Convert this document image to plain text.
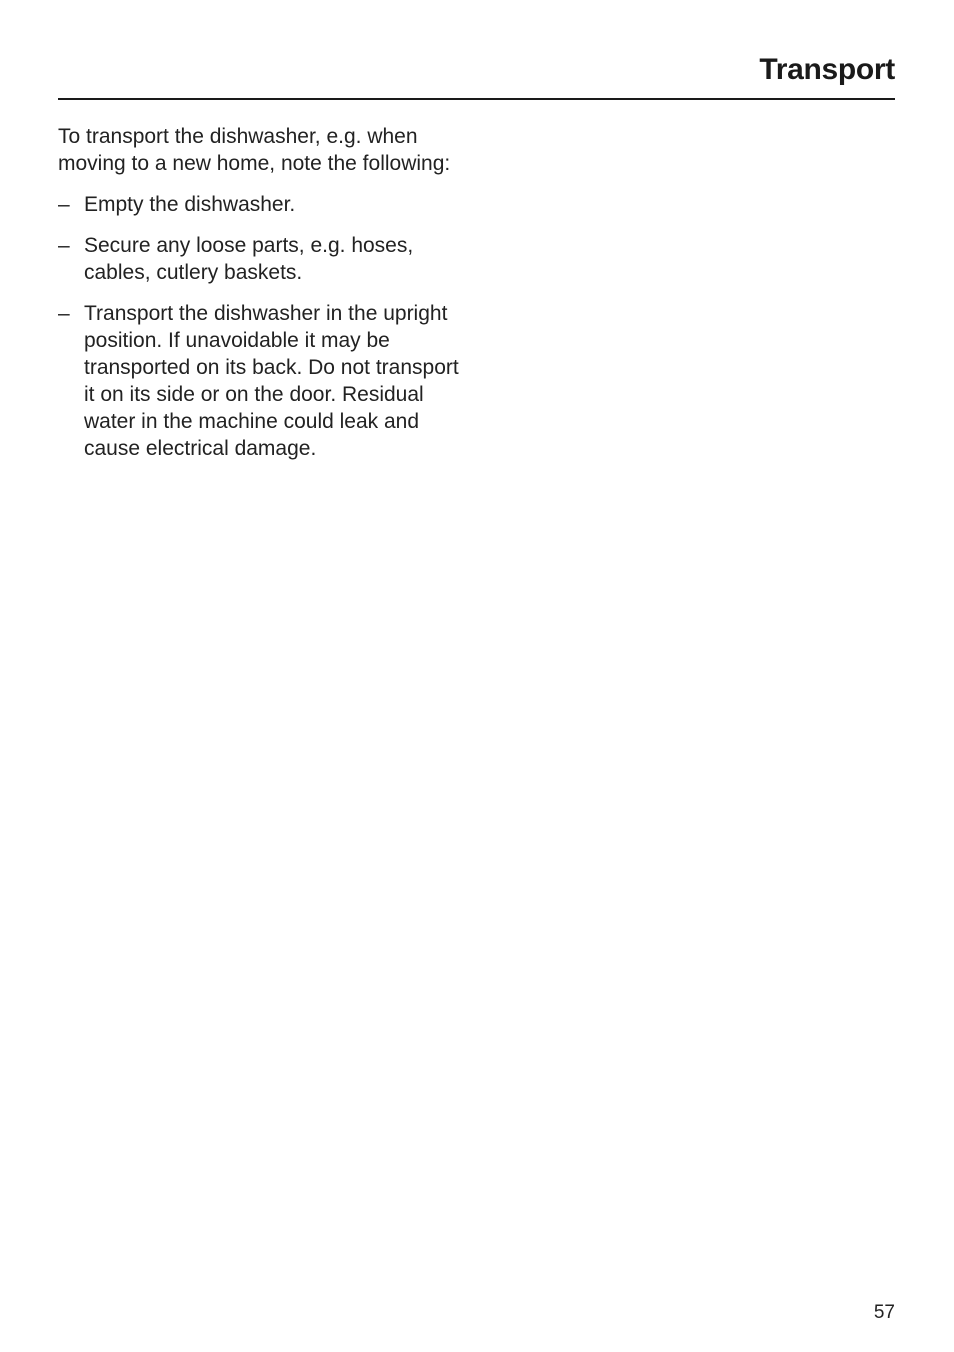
Transport

To transport the dishwasher, e.g. when moving to a new home, note the following:

– Empty the dishwasher.
– Secure any loose parts, e.g. hoses, cables, cutlery baskets.
– Transport the dishwasher in the upright position. If unavoidable it may be transported on its back. Do not transport it on its side or on the door. Residual water in the machine could leak and cause electrical damage.
57
